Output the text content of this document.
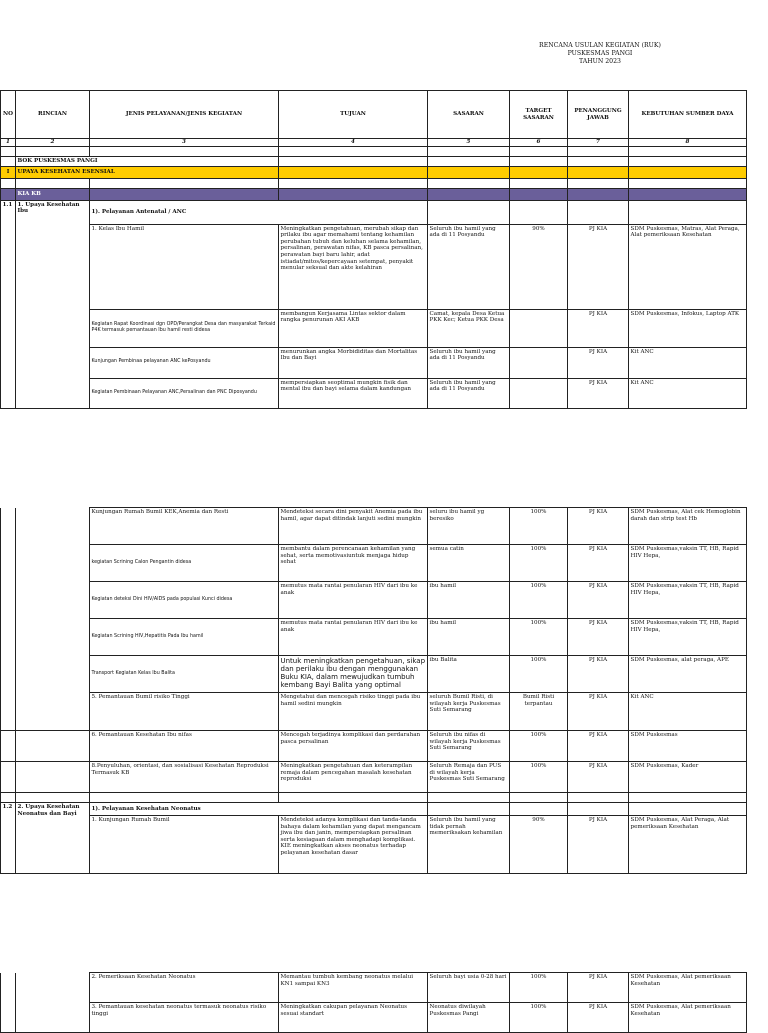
RENCANA USULAN KEGIATAN (RUK)
PUSKESMAS PANGI
TAHUN 2023
NO	RINCIAN	JENIS PELAYANAN/JENIS KEGIATAN	TUJUAN	SASARAN	TARGET SASARAN	PENANGGUNG JAWAB	KEBUTUHAN SUMBER DAYA
1	2	3	4	5	6	7	8

	BOK PUSKESMAS PANGI						
I	UPAYA KESEHATAN ESENSIAL						

	KIA KB						
1.1	1. Upaya Kesehatan Ibu	1). Pelayanan Antenatal / ANC					
		1. Kelas Ibu Hamil	Meningkatkan pengetahuan, merubah sikap dan prilaku ibu agar memahami tentang kehamilan perubahan tubuh dan keluhan selama kehamilan, persalinan, perawatan nifas, KB pasca persalinan, perawatan bayi baru lahir, adat istiadat/mitos/kepercayaan setempat, penyakit menular seksual dan akte kelahiran	Seluruh ibu hamil yang ada di 11 Posyandu	90%	PJ KIA	SDM Puskesmas, Matras, Alat Peraga, Alat pemeriksaan Kesehatan
		Kegiatan Rapat Koordinasi dgn OPD/Perangkat Desa dan masyarakat Terkaid P4K termasuk pemantauan Ibu hamil resti didesa	membangun Kerjasama Lintas sektor dalam rangka penurunan AKI AKB	Camat, kepala Desa Ketua PKK Kec; Ketua PKK Desa		PJ KIA	SDM Puskesmas, Infokus, Laptop ATK
		Kunjungan Pembinaa pelayanan ANC kePosyandu	menurunkan angka Morbididitas dan Mortalitas Ibu dan Bayi	Seluruh ibu hamil yang ada di 11 Posyandu		PJ KIA	Kit ANC
		Kegiatan Pembinaan Pelayanan ANC,Persalinan dan PNC Diposyandu	mempersiapkan seoptimal mungkin fisik dan mental ibu dan bayi selama dalam kandungan	Seluruh ibu hamil yang ada di 11 Posyandu		PJ KIA	Kit ANC
		Kunjungan Rumah Bumil KEK,Anemia dan Resti	Mendeteksi secara dini penyakit Anemia pada ibu hamil, agar dapat ditindak lanjuti sedini mungkin	seluru ibu hamil yg beresiko	100%	PJ KIA	SDM Puskesmas, Alat cek Hemoglobin darah dan strip test Hb
		kegiatan Scrining Calon Pengantin didesa	membantu dalam perencanaan kehamilan yang sehat, serta memotivasiuntuk menjaga hidup sehat	semua catin	100%	PJ KIA	SDM Puskesmas,vaksin TT, HB, Rapid HIV Hepa,
		Kegiatan deteksi Dini HIV/AIDS pada populasi Kunci didesa	memutus mata rantai penularan HIV dari ibu ke anak	ibu hamil	100%	PJ KIA	SDM Puskesmas,vaksin TT, HB, Rapid HIV Hepa,
		Kegiatan Scrining HIV,Hepatitis Pada Ibu hamil	memutus mata rantai penularan HIV dari ibu ke anak	ibu hamil	100%	PJ KIA	SDM Puskesmas,vaksin TT, HB, Rapid HIV Hepa,
		Transport Kegiatan Kelas Ibu Balita	Untuk meningkatkan pengetahuan, sikap dan perilaku ibu dengan menggunakan Buku KIA, dalam mewujudkan tumbuh kembang Bayi Balita yang optimal	ibu Balita	100%	PJ KIA	SDM Puskesmas, alat peraga, APE
		5. Pemantauan Bumil risiko Tinggi	Mengetahui dan mencegah risiko tinggi pada ibu hamil sedini mungkin	seluruh Bumil Risti, di wilayah kerja Puskesmas Suti Semarang	Bumil Risti terpantau	PJ KIA	Kit ANC
		6. Pemantauan Kesehatan Ibu nifas	Mencegah terjadinya komplikasi dan perdarahan pasca persalinan	Seluruh ibu nifas di wilayah kerja Puskesmas Suti Semarang	100%	PJ KIA	SDM Puskesmas
		8.Penyuluhan, orientasi, dan sosialisasi Kesehatan Reproduksi Termasuk KB	Meningkatkan pengetahuan dan keterampilan remaja dalam pencegahan masalah kesehatan reproduksi	Seluruh Remaja dan PUS di wilayah kerja Puskesmas Suti Semarang	100%	PJ KIA	SDM Puskesmas, Kader

1.2	2. Upaya Kesehatan Neonatus dan Bayi	1). Pelayanan Kesehatan Neonatus					
		1. Kunjungan Rumah Bumil	Mendeteksi adanya komplikasi dan tanda-tanda bahaya dalam kehamilan yang dapat mengancam jiwa ibu dan janin, mempersiapkan persalinan serta kesiagaan dalam menghadapi komplikasi. KIE meningkatkan akses neonatus terhadap pelayanan kesehatan dasar	Seluruh ibu hamil yang tidak pernah memeriksakan kehamilan	90%	PJ KIA	SDM Puskesmas, Alat Peraga, Alat pemeriksaan Kesehatan
		2. Pemeriksaan Kesehatan Neonatus	Memantau tumbuh kembang neonatus melalui KN1 sampai KN3	Seluruh bayi usia 0-28 hari	100%	PJ KIA	SDM Puskesmas, Alat pemeriksaan Kesehatan
		3. Pemantauan kesehatan neonatus termasuk neonatus risiko tinggi	Meningkatkan cakupan pelayanan Neonatus sesuai standart	Neonatus diwilayah Puskesmas Pangi	100%	PJ KIA	SDM Puskesmas, Alat pemeriksaan Kesehatan
